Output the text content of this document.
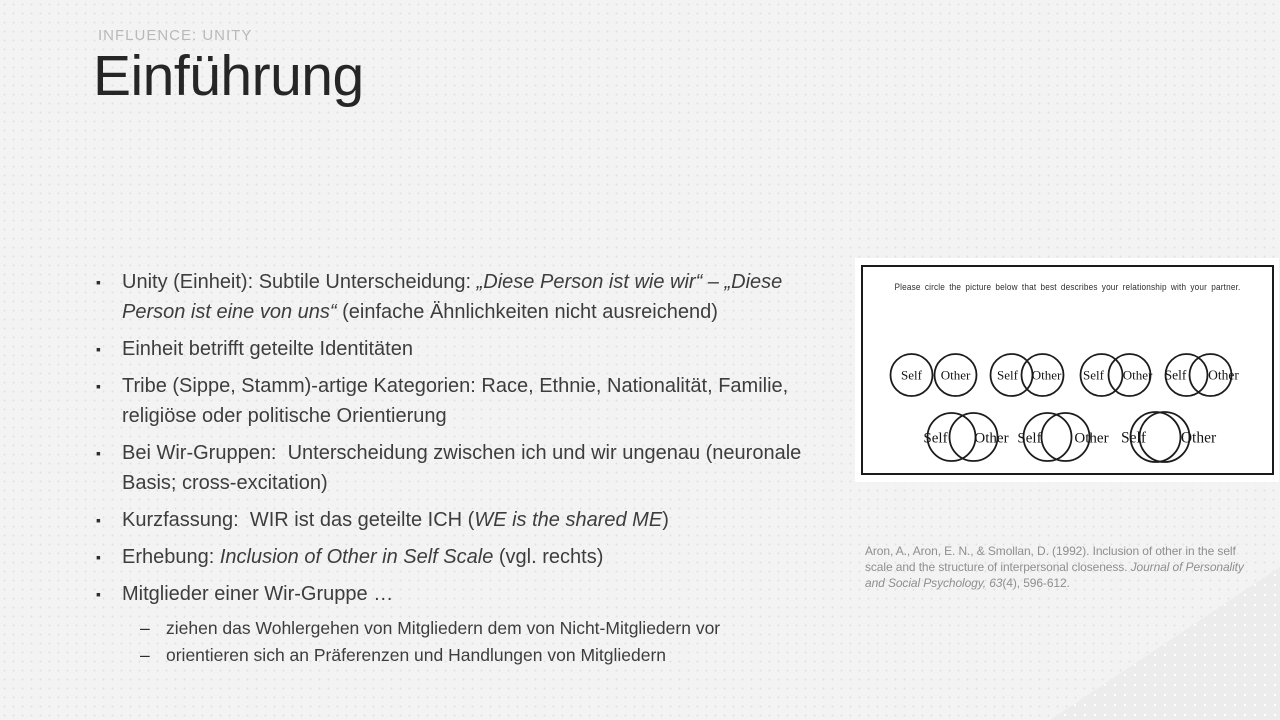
INFLUENCE: UNITY
Einführung
▪	Unity (Einheit): Subtile Unterscheidung: „Diese Person ist wie wir“ – „Diese Person ist eine von uns“ (einfache Ähnlichkeiten nicht ausreichend)
▪	Einheit betrifft geteilte Identitäten
▪	Tribe (Sippe, Stamm)-artige Kategorien: Race, Ethnie, Nationalität, Familie, religiöse oder politische Orientierung
▪	Bei Wir-Gruppen:  Unterscheidung zwischen ich und wir ungenau (neuronale Basis; cross-excitation)
▪	Kurzfassung:  WIR ist das geteilte ICH (WE is the shared ME)
▪	Erhebung: Inclusion of Other in Self Scale (vgl. rechts)
▪	Mitglieder einer Wir-Gruppe …
– ziehen das Wohlergehen von Mitgliedern dem von Nicht-Mitgliedern vor
– orientieren sich an Präferenzen und Handlungen von Mitgliedern
Please circle the picture below that best describes your relationship with your partner.
Self Other Self Other Self Other Self Other
Self Other Self Other Self Other
Aron, A., Aron, E. N., & Smollan, D. (1992). Inclusion of other in the self scale and the structure of interpersonal closeness. Journal of Personality and Social Psychology, 63(4), 596-612.
